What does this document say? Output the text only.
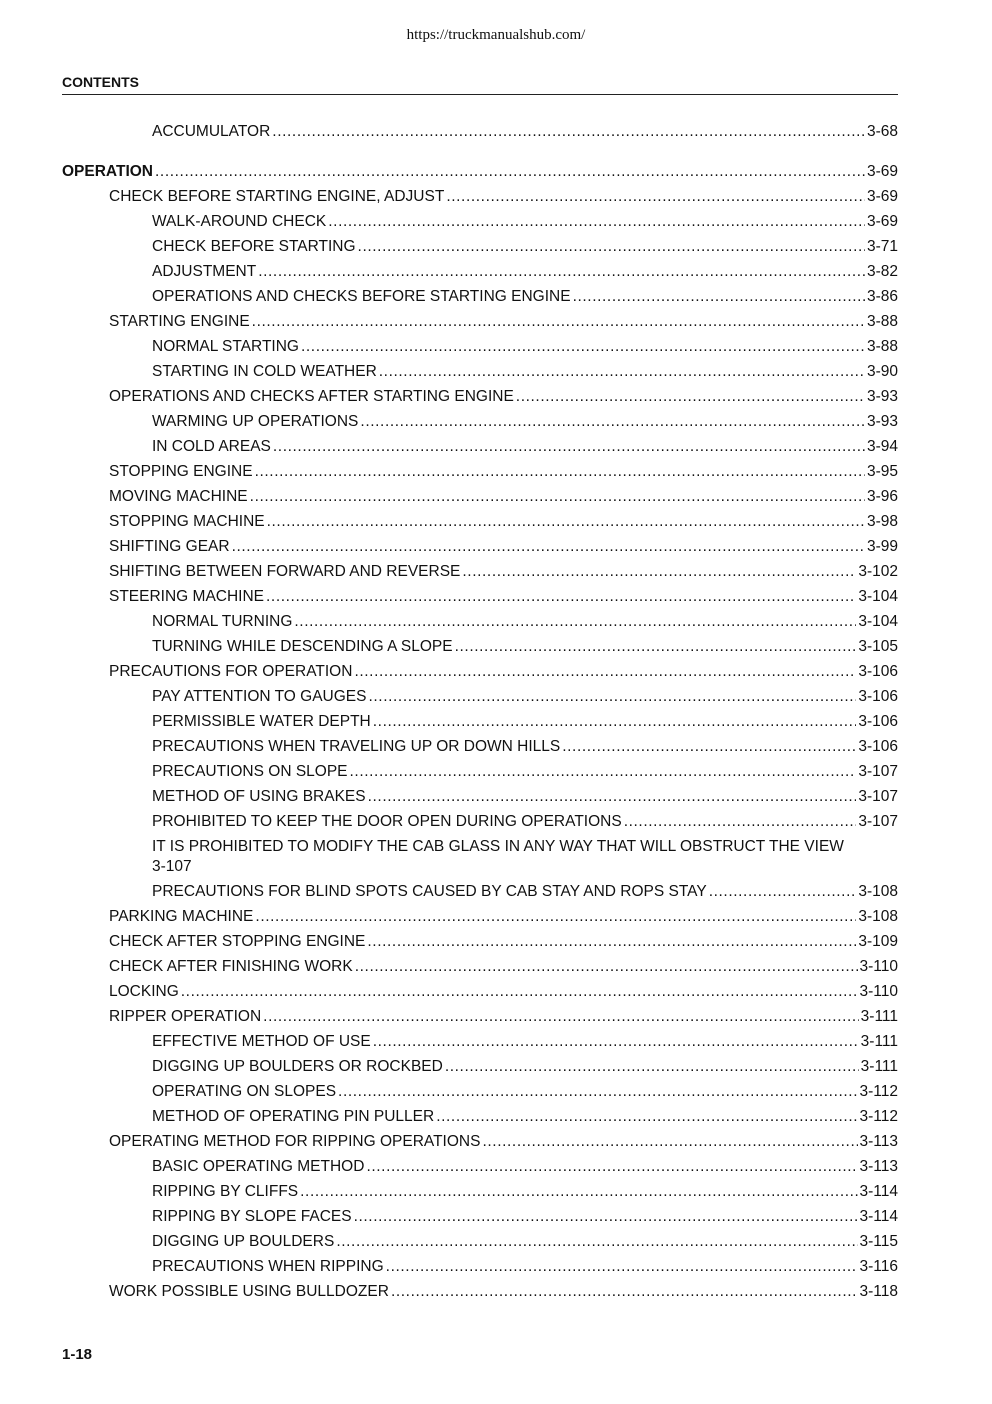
https://truckmanualshub.com/
CONTENTS
ACCUMULATOR .....	3-68
OPERATION .....	3-69
CHECK BEFORE STARTING ENGINE, ADJUST .....	3-69
WALK-AROUND CHECK .....	3-69
CHECK BEFORE STARTING .....	3-71
ADJUSTMENT .....	3-82
OPERATIONS AND CHECKS BEFORE STARTING ENGINE .....	3-86
STARTING ENGINE .....	3-88
NORMAL STARTING .....	3-88
STARTING IN COLD WEATHER .....	3-90
OPERATIONS AND CHECKS AFTER STARTING ENGINE .....	3-93
WARMING UP OPERATIONS .....	3-93
IN COLD AREAS .....	3-94
STOPPING ENGINE .....	3-95
MOVING MACHINE .....	3-96
STOPPING MACHINE .....	3-98
SHIFTING GEAR .....	3-99
SHIFTING BETWEEN FORWARD AND REVERSE .....	3-102
STEERING MACHINE .....	3-104
NORMAL TURNING .....	3-104
TURNING WHILE DESCENDING A SLOPE .....	3-105
PRECAUTIONS FOR OPERATION .....	3-106
PAY ATTENTION TO GAUGES .....	3-106
PERMISSIBLE WATER DEPTH .....	3-106
PRECAUTIONS WHEN TRAVELING UP OR DOWN HILLS .....	3-106
PRECAUTIONS ON SLOPE .....	3-107
METHOD OF USING BRAKES .....	3-107
PROHIBITED TO KEEP THE DOOR OPEN DURING OPERATIONS .....	3-107
IT IS PROHIBITED TO MODIFY THE CAB GLASS IN ANY WAY THAT WILL OBSTRUCT THE VIEW
3-107
PRECAUTIONS FOR BLIND SPOTS CAUSED BY CAB STAY AND ROPS STAY .....	3-108
PARKING MACHINE .....	3-108
CHECK AFTER STOPPING ENGINE .....	3-109
CHECK AFTER FINISHING WORK .....	3-110
LOCKING .....	3-110
RIPPER OPERATION .....	3-111
EFFECTIVE METHOD OF USE .....	3-111
DIGGING UP BOULDERS OR ROCKBED .....	3-111
OPERATING ON SLOPES .....	3-112
METHOD OF OPERATING PIN PULLER .....	3-112
OPERATING METHOD FOR RIPPING OPERATIONS .....	3-113
BASIC OPERATING METHOD .....	3-113
RIPPING BY CLIFFS .....	3-114
RIPPING BY SLOPE FACES .....	3-114
DIGGING UP BOULDERS .....	3-115
PRECAUTIONS WHEN RIPPING .....	3-116
WORK POSSIBLE USING BULLDOZER .....	3-118
1-18
